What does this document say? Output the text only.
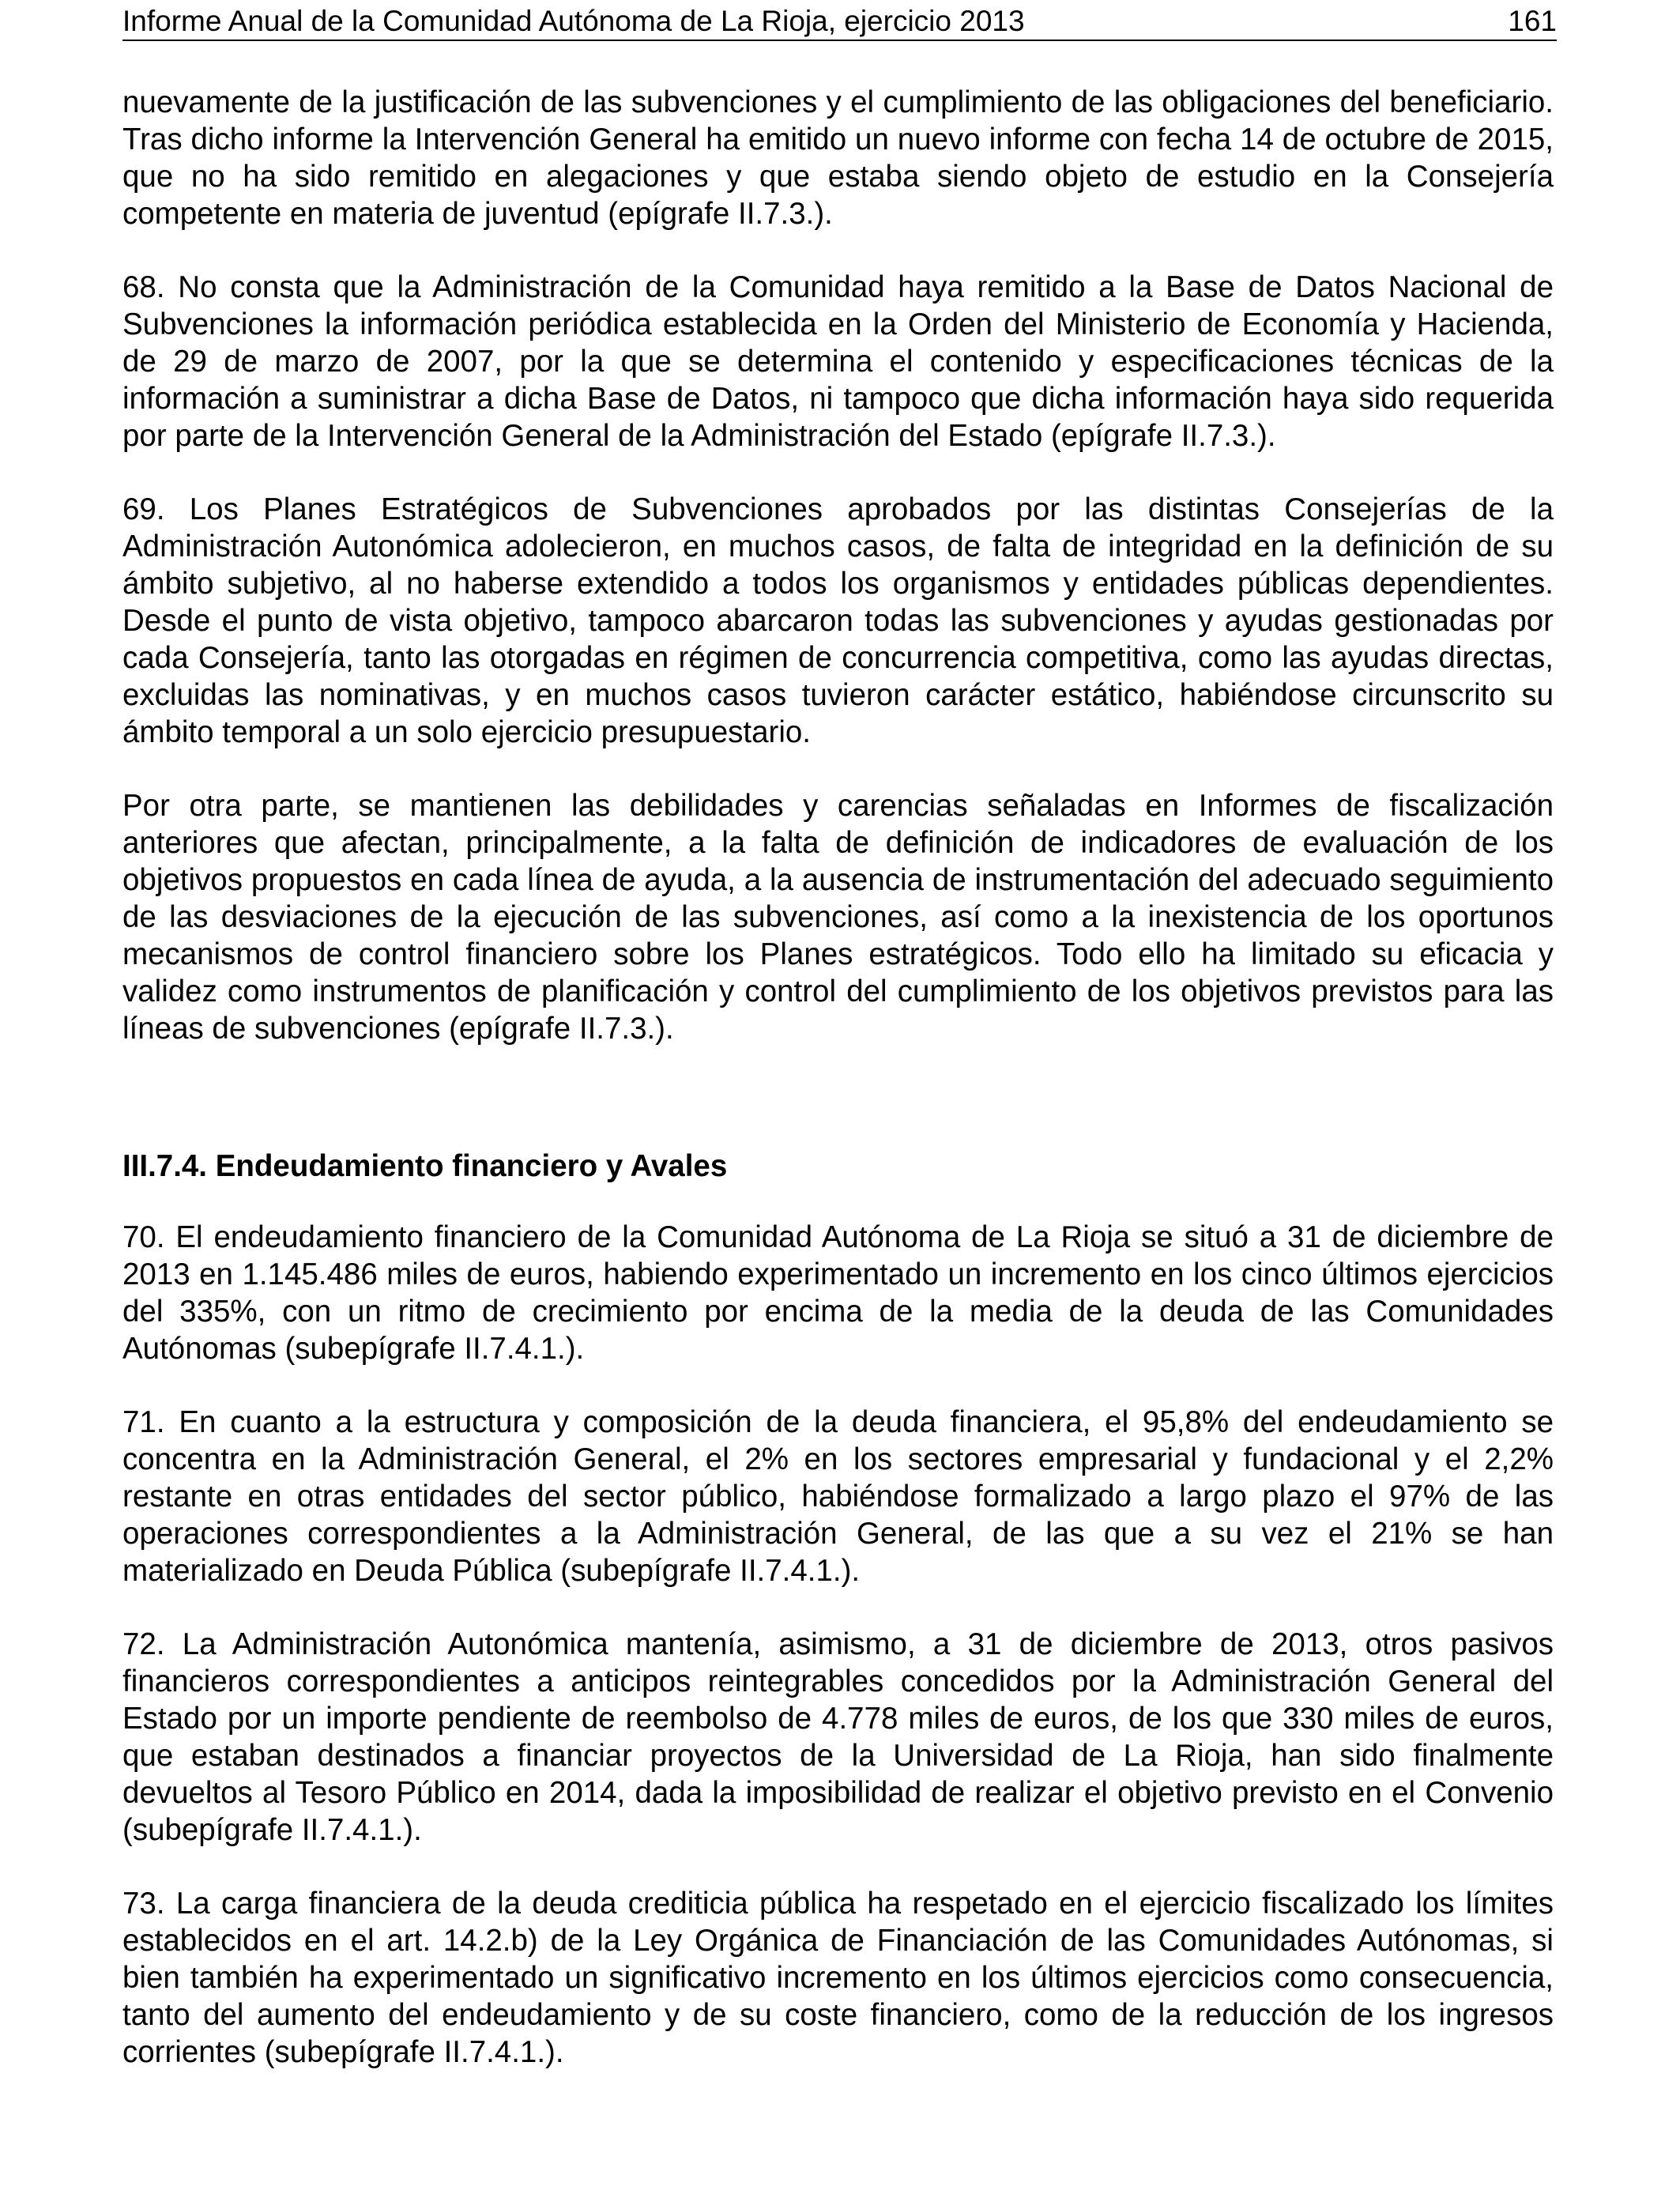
Informe Anual de la Comunidad Autónoma de La Rioja, ejercicio 2013	161

nuevamente de la justificación de las subvenciones y el cumplimiento de las obligaciones del beneficiario. Tras dicho informe la Intervención General ha emitido un nuevo informe con fecha 14 de octubre de 2015, que no ha sido remitido en alegaciones y que estaba siendo objeto de estudio en la Consejería competente en materia de juventud (epígrafe II.7.3.).

68. No consta que la Administración de la Comunidad haya remitido a la Base de Datos Nacional de Subvenciones la información periódica establecida en la Orden del Ministerio de Economía y Hacienda, de 29 de marzo de 2007, por la que se determina el contenido y especificaciones técnicas de la información a suministrar a dicha Base de Datos, ni tampoco que dicha información haya sido requerida por parte de la Intervención General de la Administración del Estado (epígrafe II.7.3.).

69. Los Planes Estratégicos de Subvenciones aprobados por las distintas Consejerías de la Administración Autonómica adolecieron, en muchos casos, de falta de integridad en la definición de su ámbito subjetivo, al no haberse extendido a todos los organismos y entidades públicas dependientes. Desde el punto de vista objetivo, tampoco abarcaron todas las subvenciones y ayudas gestionadas por cada Consejería, tanto las otorgadas en régimen de concurrencia competitiva, como las ayudas directas, excluidas las nominativas, y en muchos casos tuvieron carácter estático, habiéndose circunscrito su ámbito temporal a un solo ejercicio presupuestario.

Por otra parte, se mantienen las debilidades y carencias señaladas en Informes de fiscalización anteriores que afectan, principalmente, a la falta de definición de indicadores de evaluación de los objetivos propuestos en cada línea de ayuda, a la ausencia de instrumentación del adecuado seguimiento de las desviaciones de la ejecución de las subvenciones, así como a la inexistencia de los oportunos mecanismos de control financiero sobre los Planes estratégicos. Todo ello ha limitado su eficacia y validez como instrumentos de planificación y control del cumplimiento de los objetivos previstos para las líneas de subvenciones (epígrafe II.7.3.).

III.7.4. Endeudamiento financiero y Avales

70. El endeudamiento financiero de la Comunidad Autónoma de La Rioja se situó a 31 de diciembre de 2013 en 1.145.486 miles de euros, habiendo experimentado un incremento en los cinco últimos ejercicios del 335%, con un ritmo de crecimiento por encima de la media de la deuda de las Comunidades Autónomas (subepígrafe II.7.4.1.).

71. En cuanto a la estructura y composición de la deuda financiera, el 95,8% del endeudamiento se concentra en la Administración General, el 2% en los sectores empresarial y fundacional y el 2,2% restante en otras entidades del sector público, habiéndose formalizado a largo plazo el 97% de las operaciones correspondientes a la Administración General, de las que a su vez el 21% se han materializado en Deuda Pública (subepígrafe II.7.4.1.).

72. La Administración Autonómica mantenía, asimismo, a 31 de diciembre de 2013, otros pasivos financieros correspondientes a anticipos reintegrables concedidos por la Administración General del Estado por un importe pendiente de reembolso de 4.778 miles de euros, de los que 330 miles de euros, que estaban destinados a financiar proyectos de la Universidad de La Rioja, han sido finalmente devueltos al Tesoro Público en 2014, dada la imposibilidad de realizar el objetivo previsto en el Convenio (subepígrafe II.7.4.1.).

73. La carga financiera de la deuda crediticia pública ha respetado en el ejercicio fiscalizado los límites establecidos en el art. 14.2.b) de la Ley Orgánica de Financiación de las Comunidades Autónomas, si bien también ha experimentado un significativo incremento en los últimos ejercicios como consecuencia, tanto del aumento del endeudamiento y de su coste financiero, como de la reducción de los ingresos corrientes (subepígrafe II.7.4.1.).
